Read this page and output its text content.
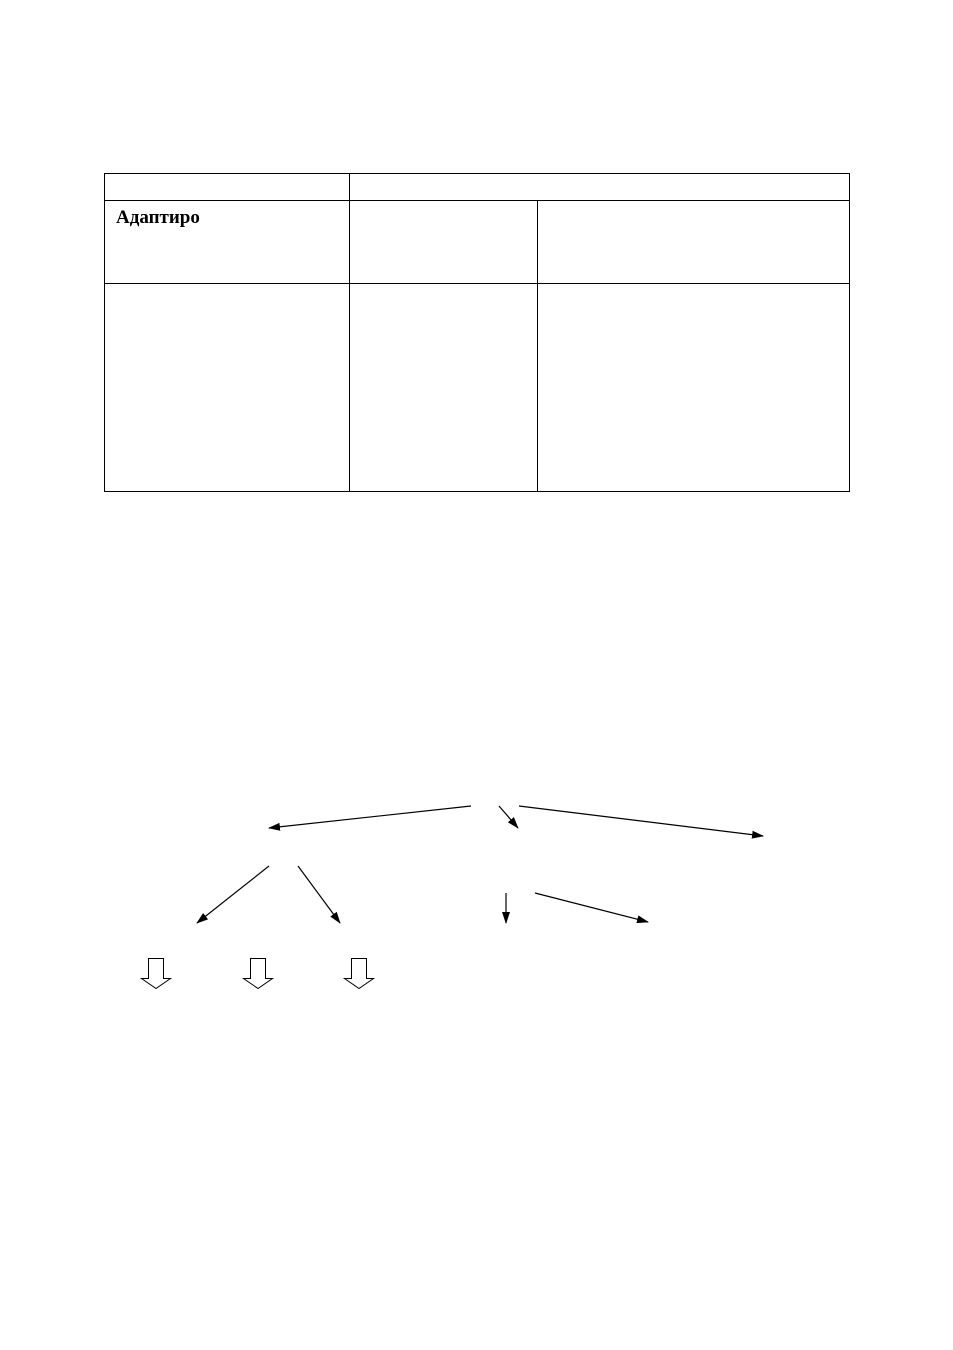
Адаптиро		
